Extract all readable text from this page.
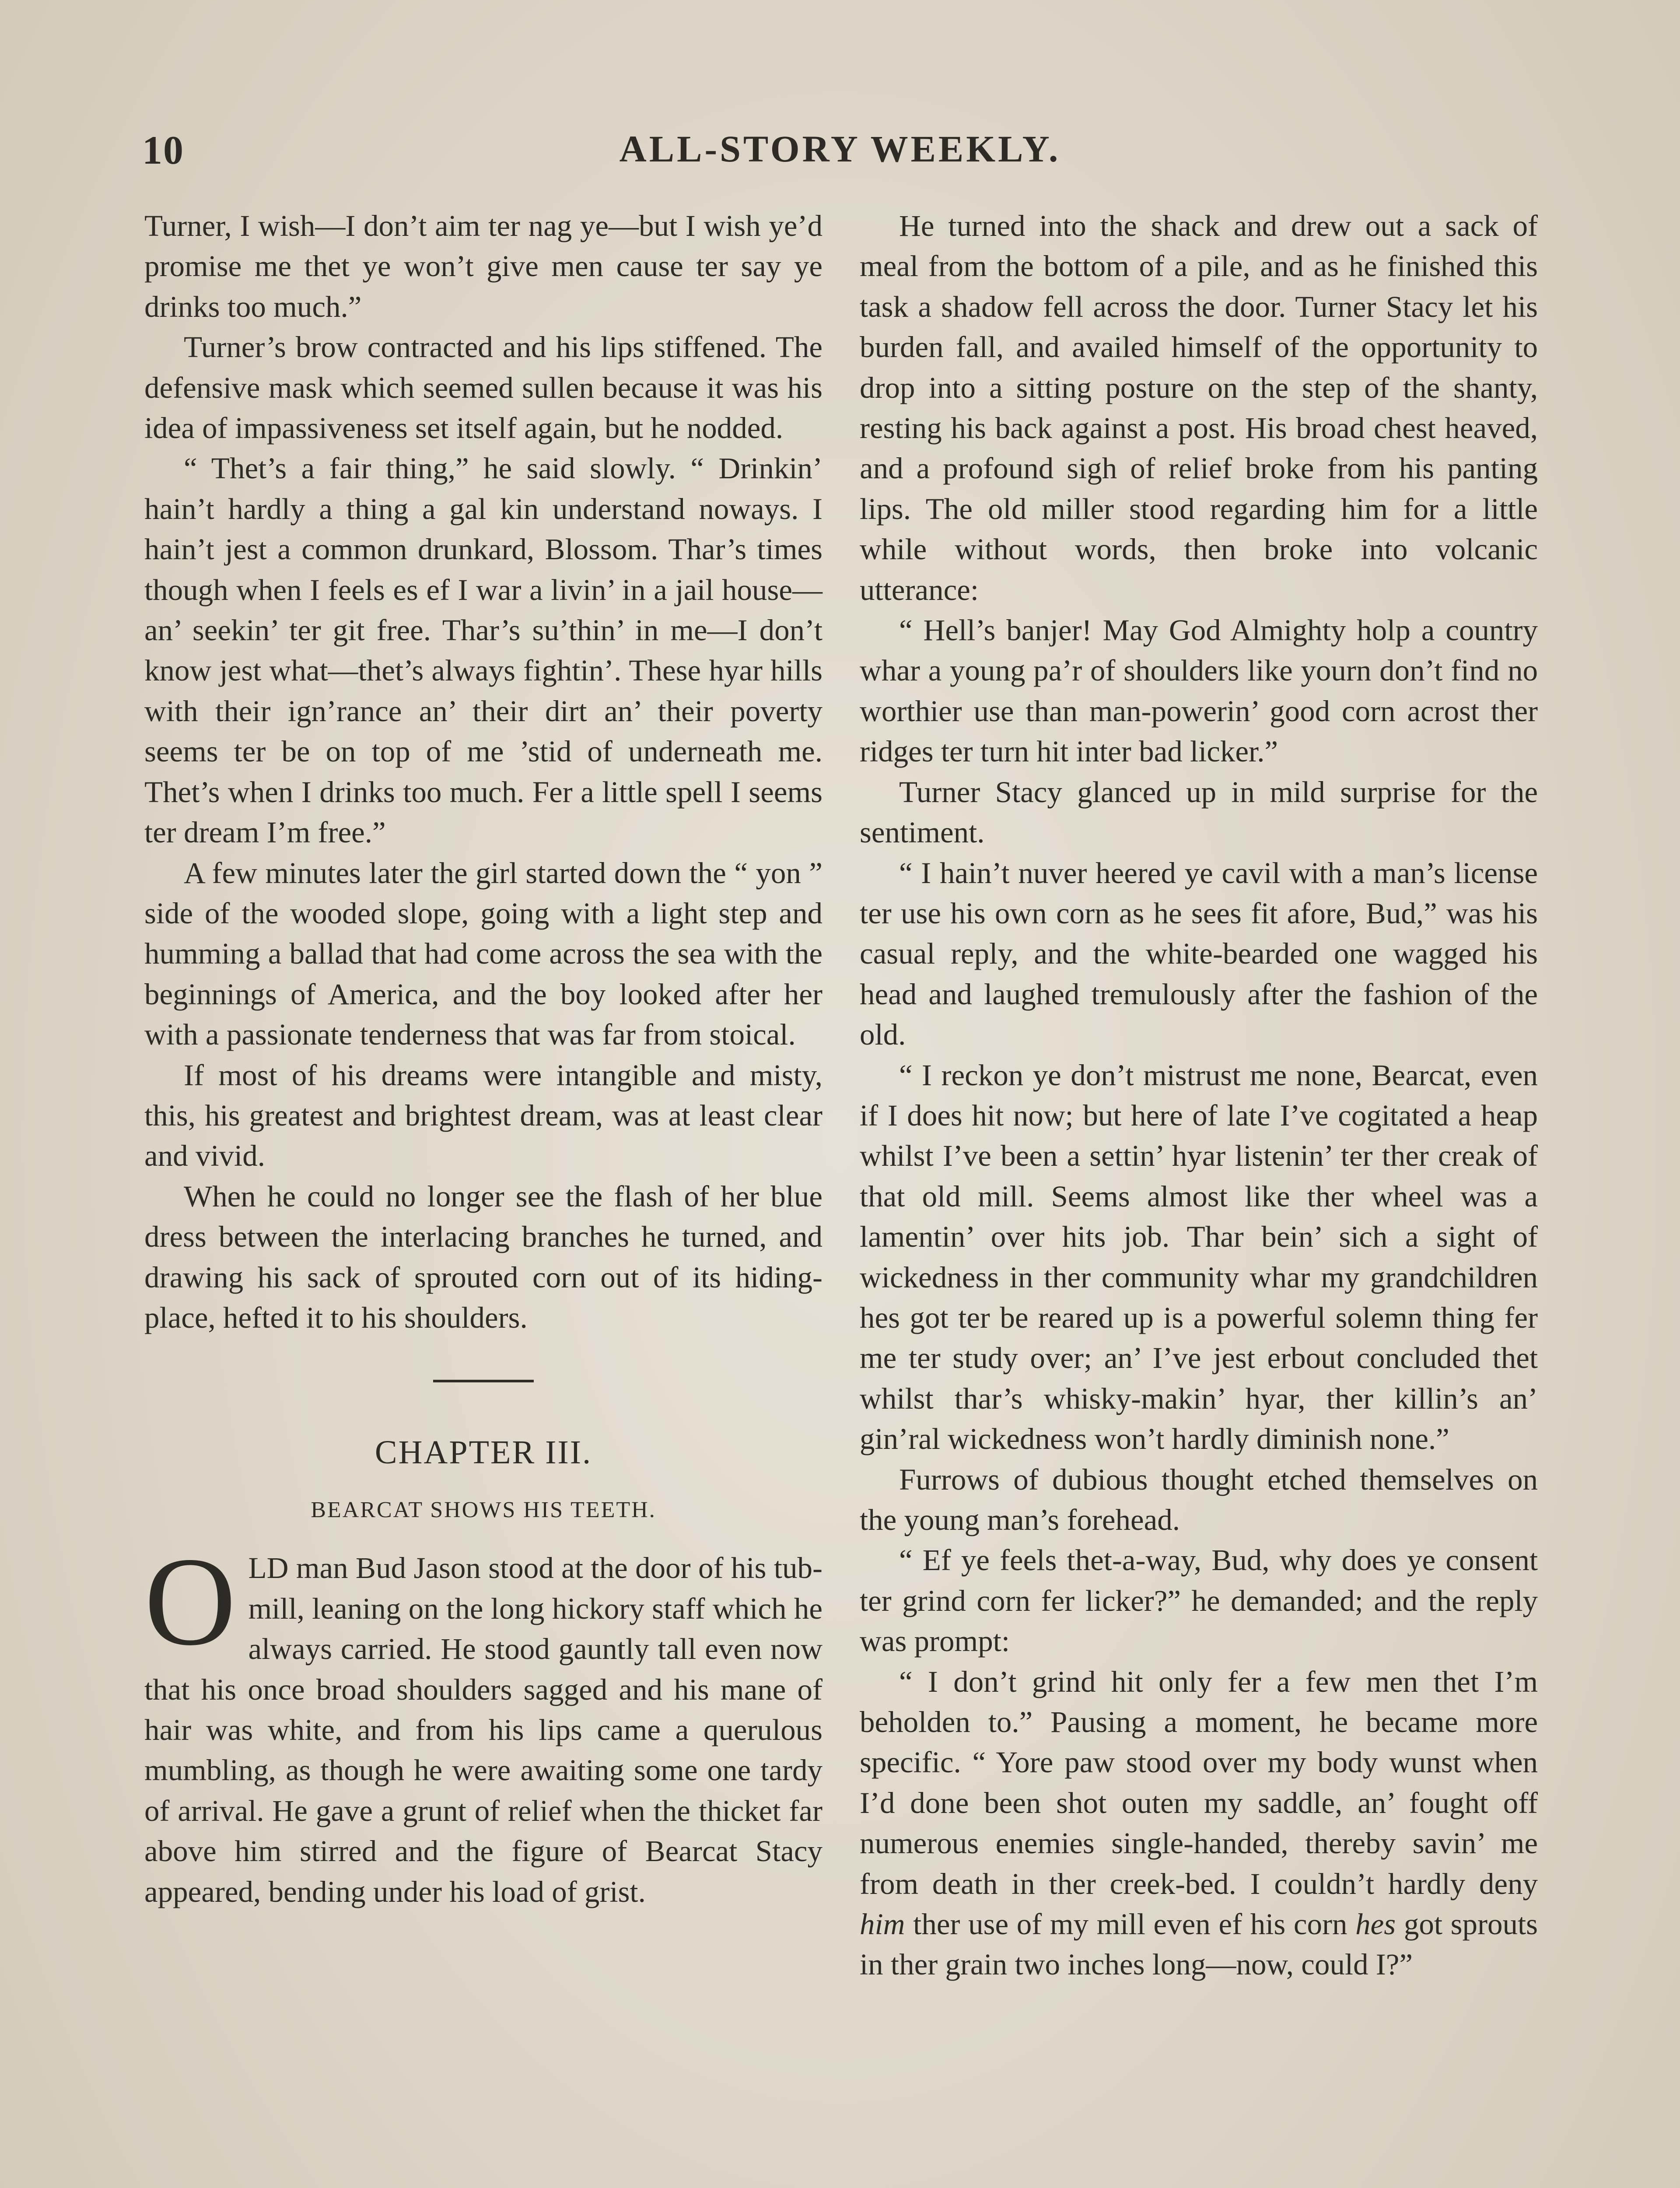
10	ALL-STORY WEEKLY.

Turner, I wish—I don’t aim ter nag ye—but I wish ye’d promise me thet ye won’t give men cause ter say ye drinks too much.”

Turner’s brow contracted and his lips stiffened. The defensive mask which seemed sullen because it was his idea of impassiveness set itself again, but he nodded.

“ Thet’s a fair thing,” he said slowly. “ Drinkin’ hain’t hardly a thing a gal kin understand noways. I hain’t jest a common drunkard, Blossom. Thar’s times though when I feels es ef I war a livin’ in a jail house—an’ seekin’ ter git free. Thar’s su’thin’ in me—I don’t know jest what—thet’s always fightin’. These hyar hills with their ign’rance an’ their dirt an’ their poverty seems ter be on top of me ’stid of underneath me. Thet’s when I drinks too much. Fer a little spell I seems ter dream I’m free.”

A few minutes later the girl started down the “ yon ” side of the wooded slope, going with a light step and humming a ballad that had come across the sea with the beginnings of America, and the boy looked after her with a passionate tenderness that was far from stoical.

If most of his dreams were intangible and misty, this, his greatest and brightest dream, was at least clear and vivid.

When he could no longer see the flash of her blue dress between the interlacing branches he turned, and drawing his sack of sprouted corn out of its hiding-place, hefted it to his shoulders.

CHAPTER III.
BEARCAT SHOWS HIS TEETH.

OLD man Bud Jason stood at the door of his tub-mill, leaning on the long hickory staff which he always carried. He stood gauntly tall even now that his once broad shoulders sagged and his mane of hair was white, and from his lips came a querulous mumbling, as though he were awaiting some one tardy of arrival. He gave a grunt of relief when the thicket far above him stirred and the figure of Bearcat Stacy appeared, bending under his load of grist.

He turned into the shack and drew out a sack of meal from the bottom of a pile, and as he finished this task a shadow fell across the door. Turner Stacy let his burden fall, and availed himself of the opportunity to drop into a sitting posture on the step of the shanty, resting his back against a post. His broad chest heaved, and a profound sigh of relief broke from his panting lips. The old miller stood regarding him for a little while without words, then broke into volcanic utterance:

“ Hell’s banjer! May God Almighty holp a country whar a young pa’r of shoulders like yourn don’t find no worthier use than man-powerin’ good corn acrost ther ridges ter turn hit inter bad licker.”

Turner Stacy glanced up in mild surprise for the sentiment.

“ I hain’t nuver heered ye cavil with a man’s license ter use his own corn as he sees fit afore, Bud,” was his casual reply, and the white-bearded one wagged his head and laughed tremulously after the fashion of the old.

“ I reckon ye don’t mistrust me none, Bearcat, even if I does hit now; but here of late I’ve cogitated a heap whilst I’ve been a settin’ hyar listenin’ ter ther creak of that old mill. Seems almost like ther wheel was a lamentin’ over hits job. Thar bein’ sich a sight of wickedness in ther community whar my grandchildren hes got ter be reared up is a powerful solemn thing fer me ter study over; an’ I’ve jest erbout concluded thet whilst thar’s whisky-makin’ hyar, ther killin’s an’ gin’ral wickedness won’t hardly diminish none.”

Furrows of dubious thought etched themselves on the young man’s forehead.

“ Ef ye feels thet-a-way, Bud, why does ye consent ter grind corn fer licker?” he demanded; and the reply was prompt:

“ I don’t grind hit only fer a few men thet I’m beholden to.” Pausing a moment, he became more specific. “ Yore paw stood over my body wunst when I’d done been shot outen my saddle, an’ fought off numerous enemies single-handed, thereby savin’ me from death in ther creek-bed. I couldn’t hardly deny him ther use of my mill even ef his corn hes got sprouts in ther grain two inches long—now, could I?”
